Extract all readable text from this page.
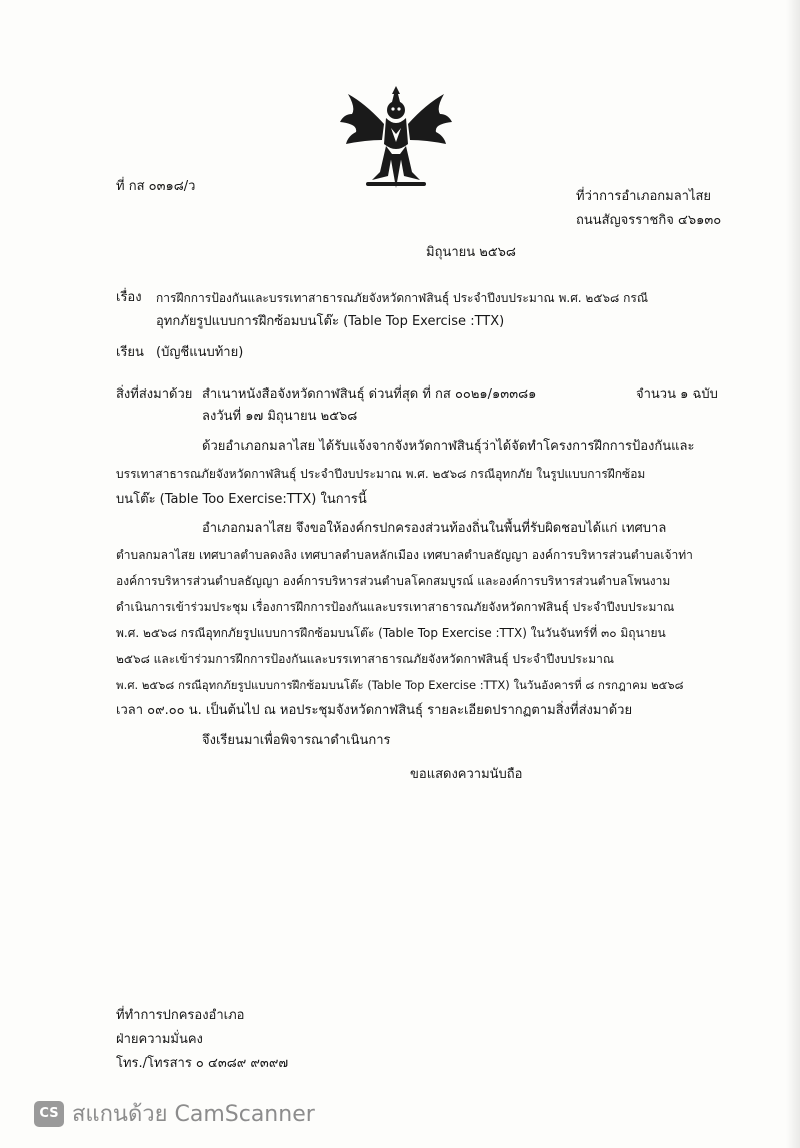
ที่ กส ๐๓๑๘/ว
ที่ว่าการอำเภอกมลาไสย
ถนนสัญจรราชกิจ ๔๖๑๓๐
มิถุนายน ๒๕๖๘
เรื่อง การฝึกการป้องกันและบรรเทาสาธารณภัยจังหวัดกาฬสินธุ์ ประจำปีงบประมาณ พ.ศ. ๒๕๖๘ กรณี
อุทกภัยรูปแบบการฝึกซ้อมบนโต๊ะ (Table Top Exercise :TTX)
เรียน (บัญชีแนบท้าย)
สิ่งที่ส่งมาด้วย สำเนาหนังสือจังหวัดกาฬสินธุ์ ด่วนที่สุด ที่ กส ๐๐๒๑/๑๓๓๘๑	จำนวน ๑ ฉบับ
ลงวันที่ ๑๗ มิถุนายน ๒๕๖๘
ด้วยอำเภอกมลาไสย ได้รับแจ้งจากจังหวัดกาฬสินธุ์ว่าได้จัดทำโครงการฝึกการป้องกันและ
บรรเทาสาธารณภัยจังหวัดกาฬสินธุ์ ประจำปีงบประมาณ พ.ศ. ๒๕๖๘ กรณีอุทกภัย ในรูปแบบการฝึกซ้อม
บนโต๊ะ (Table Too Exercise:TTX) ในการนี้
อำเภอกมลาไสย จึงขอให้องค์กรปกครองส่วนท้องถิ่นในพื้นที่รับผิดชอบได้แก่ เทศบาล
ตำบลกมลาไสย เทศบาลตำบลดงลิง เทศบาลตำบลหลักเมือง เทศบาลตำบลธัญญา องค์การบริหารส่วนตำบลเจ้าท่า
องค์การบริหารส่วนตำบลธัญญา องค์การบริหารส่วนตำบลโคกสมบูรณ์ และองค์การบริหารส่วนตำบลโพนงาม
ดำเนินการเข้าร่วมประชุม เรื่องการฝึกการป้องกันและบรรเทาสาธารณภัยจังหวัดกาฬสินธุ์ ประจำปีงบประมาณ
พ.ศ. ๒๕๖๘ กรณีอุทกภัยรูปแบบการฝึกซ้อมบนโต๊ะ (Table Top Exercise :TTX) ในวันจันทร์ที่ ๓๐ มิถุนายน
๒๕๖๘ และเข้าร่วมการฝึกการป้องกันและบรรเทาสาธารณภัยจังหวัดกาฬสินธุ์ ประจำปีงบประมาณ
พ.ศ. ๒๕๖๘ กรณีอุทกภัยรูปแบบการฝึกซ้อมบนโต๊ะ (Table Top Exercise :TTX) ในวันอังคารที่ ๘ กรกฎาคม ๒๕๖๘
เวลา ๐๙.๐๐ น. เป็นต้นไป ณ หอประชุมจังหวัดกาฬสินธุ์ รายละเอียดปรากฏตามสิ่งที่ส่งมาด้วย
จึงเรียนมาเพื่อพิจารณาดำเนินการ
ขอแสดงความนับถือ
ที่ทำการปกครองอำเภอ
ฝ่ายความมั่นคง
โทร./โทรสาร ๐ ๔๓๘๙ ๙๓๙๗
CS สแกนด้วย CamScanner
